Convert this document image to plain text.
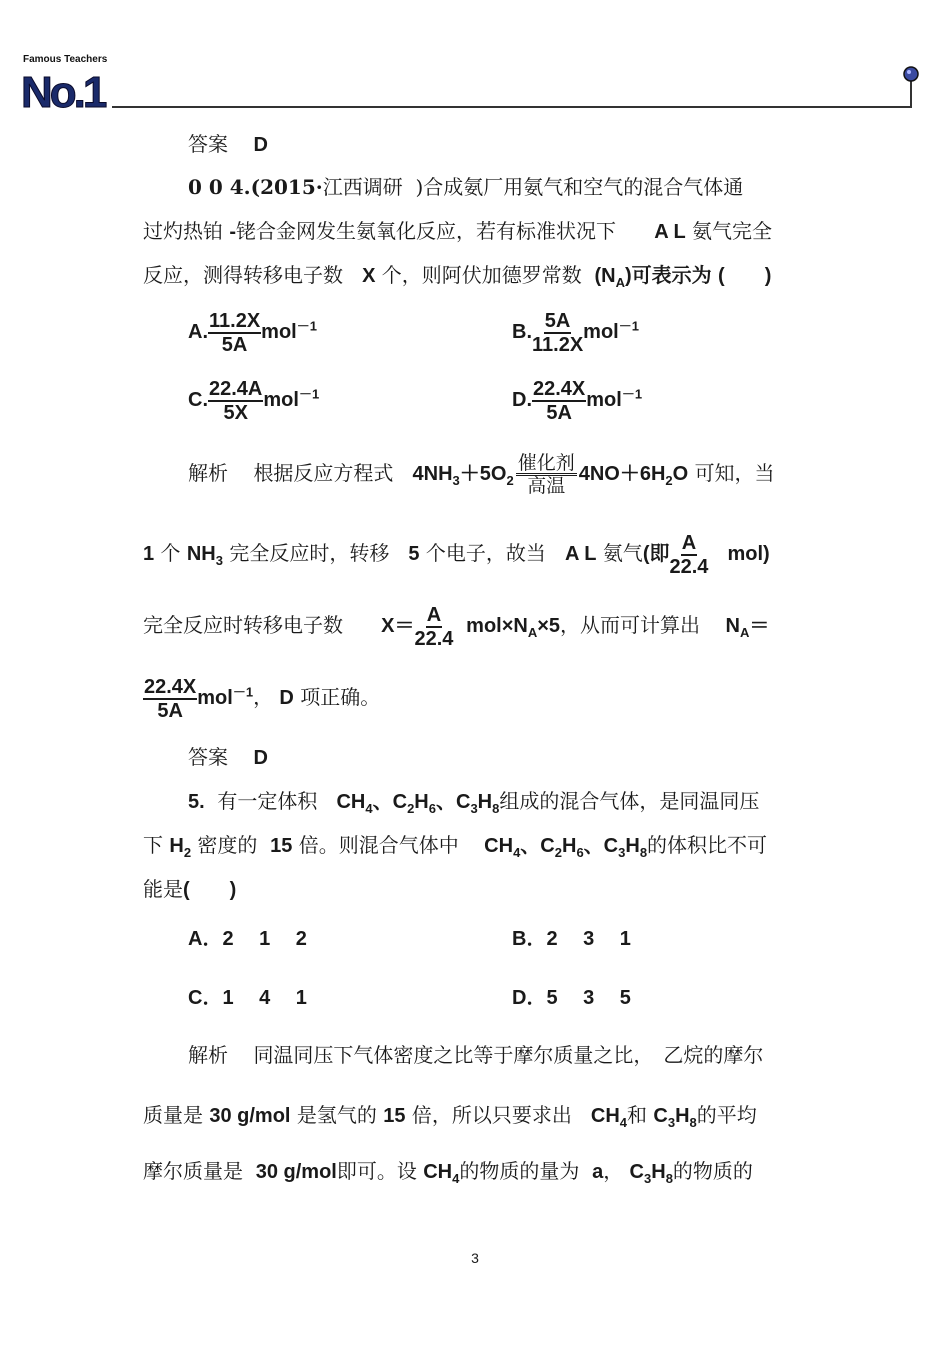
Famous Teachers
No.1
答案 D
0 0 4.(2015·江西调研 )合成氨厂用氨气和空气的混合气体通
过灼热铂 -铑合金网发生氨氧化反应，若有标准状况下 A L 氨气完全
反应，测得转移电子数 X 个，则阿伏加德罗常数 $(N_A)$可表示为 (　　)
A. $\frac{11.2X}{5A} mol^{-1}$	B. $\frac{5A}{11.2X} mol^{-1}$
C. $\frac{22.4A}{5X} mol^{-1}$	D. $\frac{22.4X}{5A} mol^{-1}$
解析 根据反应方程式 $4NH_3+5O_2$
催化剂
高温
$4NO+6H_2O$ 可知，当
1 个 $NH_3$ 完全反应时，转移 5 个电子，故当 A L 氨气(即 $\frac{A}{22.4} mol$)
完全反应时转移电子数 $X= \frac{A}{22.4} mol\times N_A\times 5$，从而可计算出 $N_A=$
$\frac{22.4X}{5A} mol^{-1}$， D 项正确。
答案 D
5. 有一定体积 $CH_4$、$C_2H_6$、$C_3H_8$组成的混合气体，是同温同压
下 $H_2$ 密度的 15 倍。则混合气体中 $CH_4$、$C_2H_6$、$C_3H_8$的体积比不可
能是(　　)
A．2　 1　 2	B．2　 3　 1
C．1　 4　 1	D．5　 3　 5
解析 同温同压下气体密度之比等于摩尔质量之比，　乙烷的摩尔
质量是 30 g/mol 是氢气的 15 倍，所以只要求出 $CH_4$和 $C_3H_8$的平均
摩尔质量是 30 g/mol即可。设 $CH_4$的物质的量为 a， $C_3H_8$的物质的
3
